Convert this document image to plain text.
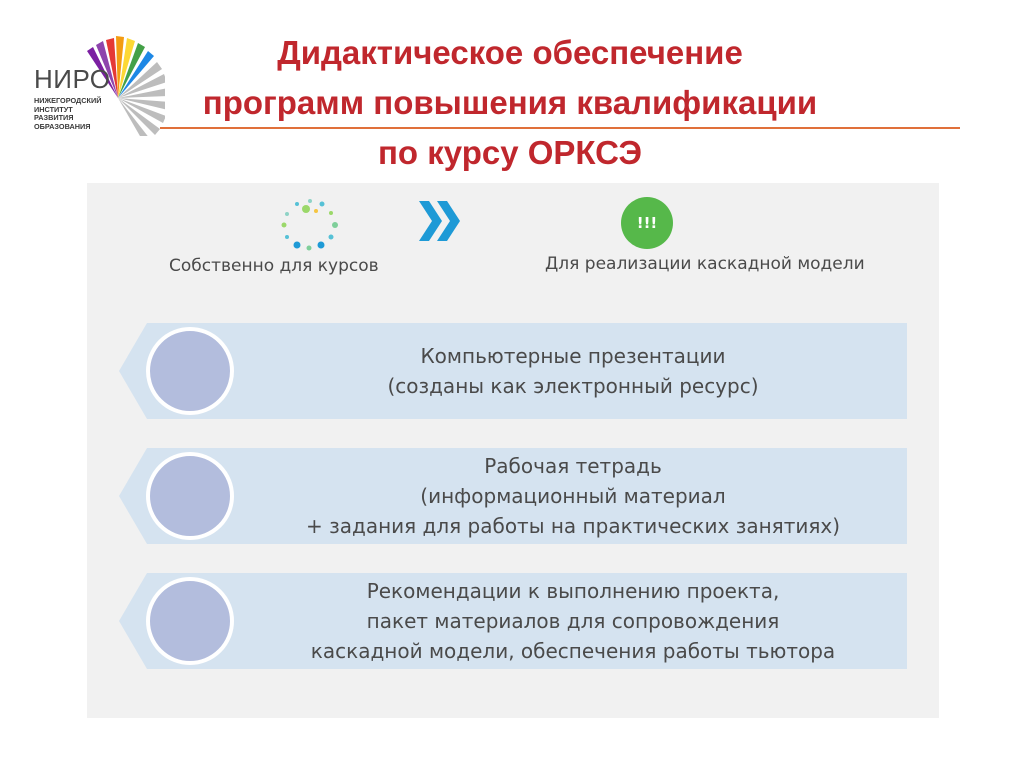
НИРО
НИЖЕГОРОДСКИЙ
ИНСТИТУТ
РАЗВИТИЯ
ОБРАЗОВАНИЯ
Дидактическое обеспечение
программ повышения квалификации
по курсу ОРКСЭ
!!!
Собственно для курсов	Для реализации каскадной модели
Компьютерные презентации
(созданы как электронный ресурс)
Рабочая тетрадь
(информационный материал
+ задания для работы на практических занятиях)
Рекомендации к выполнению проекта,
пакет материалов для сопровождения
каскадной модели, обеспечения работы тьютора
